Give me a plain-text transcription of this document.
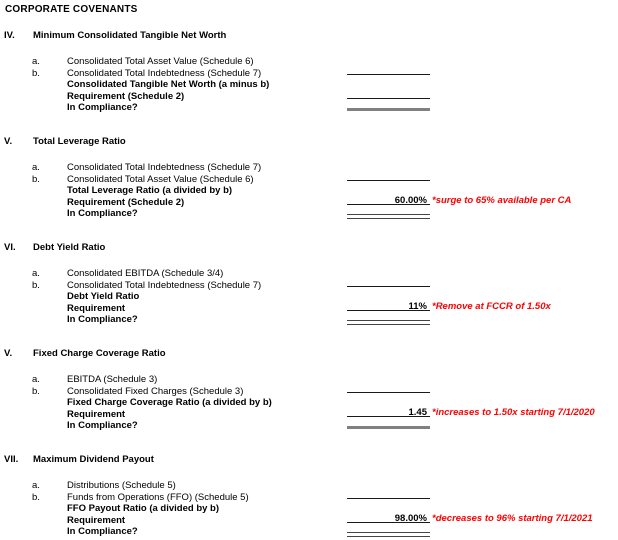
CORPORATE COVENANTS
IV. Minimum Consolidated Tangible Net Worth
a.	Consolidated Total Asset Value (Schedule 6)
b.	Consolidated Total Indebtedness (Schedule 7)
Consolidated Tangible Net Worth (a minus b)
Requirement (Schedule 2)
In Compliance?
V. Total Leverage Ratio
a.	Consolidated Total Indebtedness (Schedule 7)
b.	Consolidated Total Asset Value (Schedule 6)
Total Leverage Ratio (a divided by b)
Requirement (Schedule 2)	60.00% *surge to 65% available per CA
In Compliance?
VI. Debt Yield Ratio
a.	Consolidated EBITDA (Schedule 3/4)
b.	Consolidated Total Indebtedness (Schedule 7)
Debt Yield Ratio
Requirement	11% *Remove at FCCR of 1.50x
In Compliance?
V. Fixed Charge Coverage Ratio
a.	EBITDA (Schedule 3)
b.	Consolidated Fixed Charges (Schedule 3)
Fixed Charge Coverage Ratio (a divided by b)
Requirement	1.45 *increases to 1.50x starting 7/1/2020
In Compliance?
VII. Maximum Dividend Payout
a.	Distributions (Schedule 5)
b.	Funds from Operations (FFO) (Schedule 5)
FFO Payout Ratio (a divided by b)
Requirement	98.00% *decreases to 96% starting 7/1/2021
In Compliance?
